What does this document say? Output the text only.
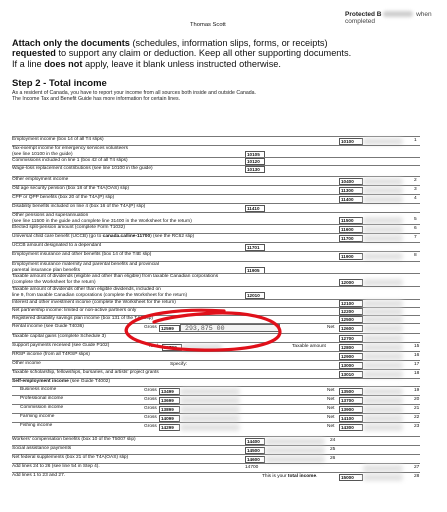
Protected B	when completed
Thomas Scott
Attach only the documents (schedules, information slips, forms, or receipts)
requested to support any claim or deduction. Keep all other supporting documents.
If a line does not apply, leave it blank unless instructed otherwise.
Step 2 - Total income
As a resident of Canada, you have to report your income from all sources both inside and outside Canada.
The Income Tax and Benefit Guide has more information for certain lines.
Employment income (box 14 of all T4 slips)	10100	1
Tax-exempt income for emergency services volunteers
(see line 10100 in the guide)	10105
Commissions included on line 1 (box 42 of all T4 slips)	10120
Wage-loss replacement contributions (see line 10100 in the guide)	10130
Other employment income	10400	2
Old age security pension (box 18 of the T4A(OAS) slip)	11300	3
CPP or QPP benefits (box 20 of the T4A(P) slip)	11400	4
Disability benefits included on line 4 (box 16 of the T4A(P) slip)	11410
Other pensions and superannuation
(see line 11500 in the guide and complete line 31400 in the Worksheet for the return)	11500	5
Elected split-pension amount (complete Form T1032)	11600	6
Universal child care benefit (UCCB) (go to canada.ca/line-11700) (see the RC62 slip)	11700	7
UCCB amount designated to a dependant	11701
Employment insurance and other benefits (box 14 of the T4E slip)	11900	8
Employment insurance maternity and parental benefits and provincial
parental insurance plan benefits	11905
Taxable amount of dividends (eligible and other than eligible) from taxable Canadian corporations
(complete the Worksheet for the return)	12000
Taxable amount of dividends other than eligible dividends, included on
line 9, from taxable Canadian corporations (complete the Worksheet for the return)	12010
Interest and other investment income (complete the Worksheet for the return)	12100
Net partnership income: limited or non-active partners only	12200
Registered disability savings plan income (box 131 of the T4A slip)	12500
Rental income (see Guide T4036)	Gross 12599	293,875 00	Net	12600
Taxable capital gains (complete Schedule 3)	12700
Support payments received (see Guide P102)	Total	12799	Taxable amount	12800	15
RRSP income (from all T4RSP slips)	12900	16
Other income	Specify:	13000	17
Taxable scholarship, fellowships, bursaries, and artists' project grants	13010	18
Self-employment income (see Guide T4002)
Business income	Gross 13499	Net	13500	19
Professional income	Gross 13699	Net	13700	20
Commission income	Gross 13899	Net	13900	21
Farming income	Gross 14099	Net	14100	22
Fishing income	Gross 14299	Net	14300	23
Workers' compensation benefits (box 10 of the T5007 slip)	14400	24
Social assistance payments	14500	25
Net federal supplements (box 21 of the T4A(OAS) slip)	14600	26
Add lines 24 to 26 (see line 54 in Step 4).	14700	27
Add lines 1 to 23 and 27.	This is your total income.	15000	28
